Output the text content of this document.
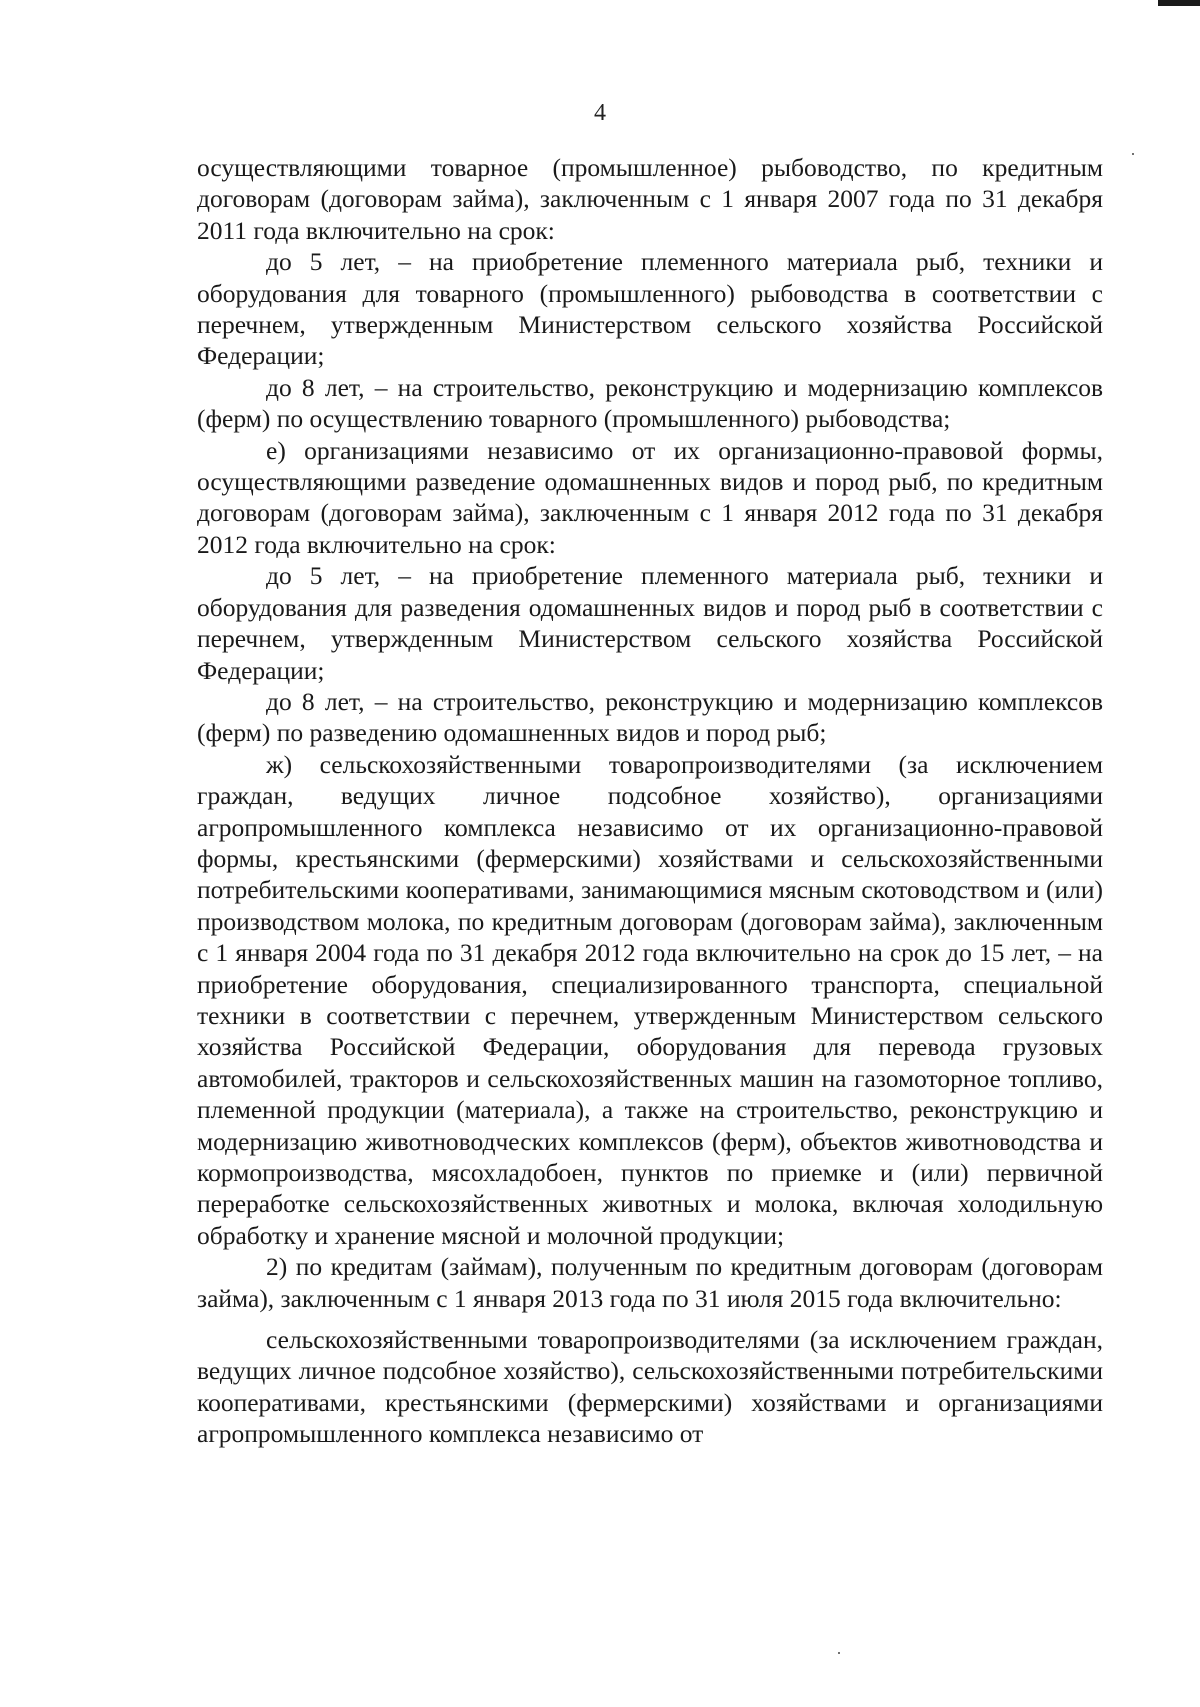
4

осуществляющими товарное (промышленное) рыбоводство, по кредитным договорам (договорам займа), заключенным с 1 января 2007 года по 31 декабря 2011 года включительно на срок:

до 5 лет, – на приобретение племенного материала рыб, техники и оборудования для товарного (промышленного) рыбоводства в соответствии с перечнем, утвержденным Министерством сельского хозяйства Российской Федерации;

до 8 лет, – на строительство, реконструкцию и модернизацию комплексов (ферм) по осуществлению товарного (промышленного) рыбоводства;

е) организациями независимо от их организационно-правовой формы, осуществляющими разведение одомашненных видов и пород рыб, по кредитным договорам (договорам займа), заключенным с 1 января 2012 года по 31 декабря 2012 года включительно на срок:

до 5 лет, – на приобретение племенного материала рыб, техники и оборудования для разведения одомашненных видов и пород рыб в соответствии с перечнем, утвержденным Министерством сельского хозяйства Российской Федерации;

до 8 лет, – на строительство, реконструкцию и модернизацию комплексов (ферм) по разведению одомашненных видов и пород рыб;

ж) сельскохозяйственными товаропроизводителями (за исключением граждан, ведущих личное подсобное хозяйство), организациями агропромышленного комплекса независимо от их организационно-правовой формы, крестьянскими (фермерскими) хозяйствами и сельскохозяйственными потребительскими кооперативами, занимающимися мясным скотоводством и (или) производством молока, по кредитным договорам (договорам займа), заключенным с 1 января 2004 года по 31 декабря 2012 года включительно на срок до 15 лет, – на приобретение оборудования, специализированного транспорта, специальной техники в соответствии с перечнем, утвержденным Министерством сельского хозяйства Российской Федерации, оборудования для перевода грузовых автомобилей, тракторов и сельскохозяйственных машин на газомоторное топливо, племенной продукции (материала), а также на строительство, реконструкцию и модернизацию животноводческих комплексов (ферм), объектов животноводства и кормопроизводства, мясохладобоен, пунктов по приемке и (или) первичной переработке сельскохозяйственных животных и молока, включая холодильную обработку и хранение мясной и молочной продукции;

2) по кредитам (займам), полученным по кредитным договорам (договорам займа), заключенным с 1 января 2013 года по 31 июля 2015 года включительно:

сельскохозяйственными товаропроизводителями (за исключением граждан, ведущих личное подсобное хозяйство), сельскохозяйственными потребительскими кооперативами, крестьянскими (фермерскими) хозяйствами и организациями агропромышленного комплекса независимо от
